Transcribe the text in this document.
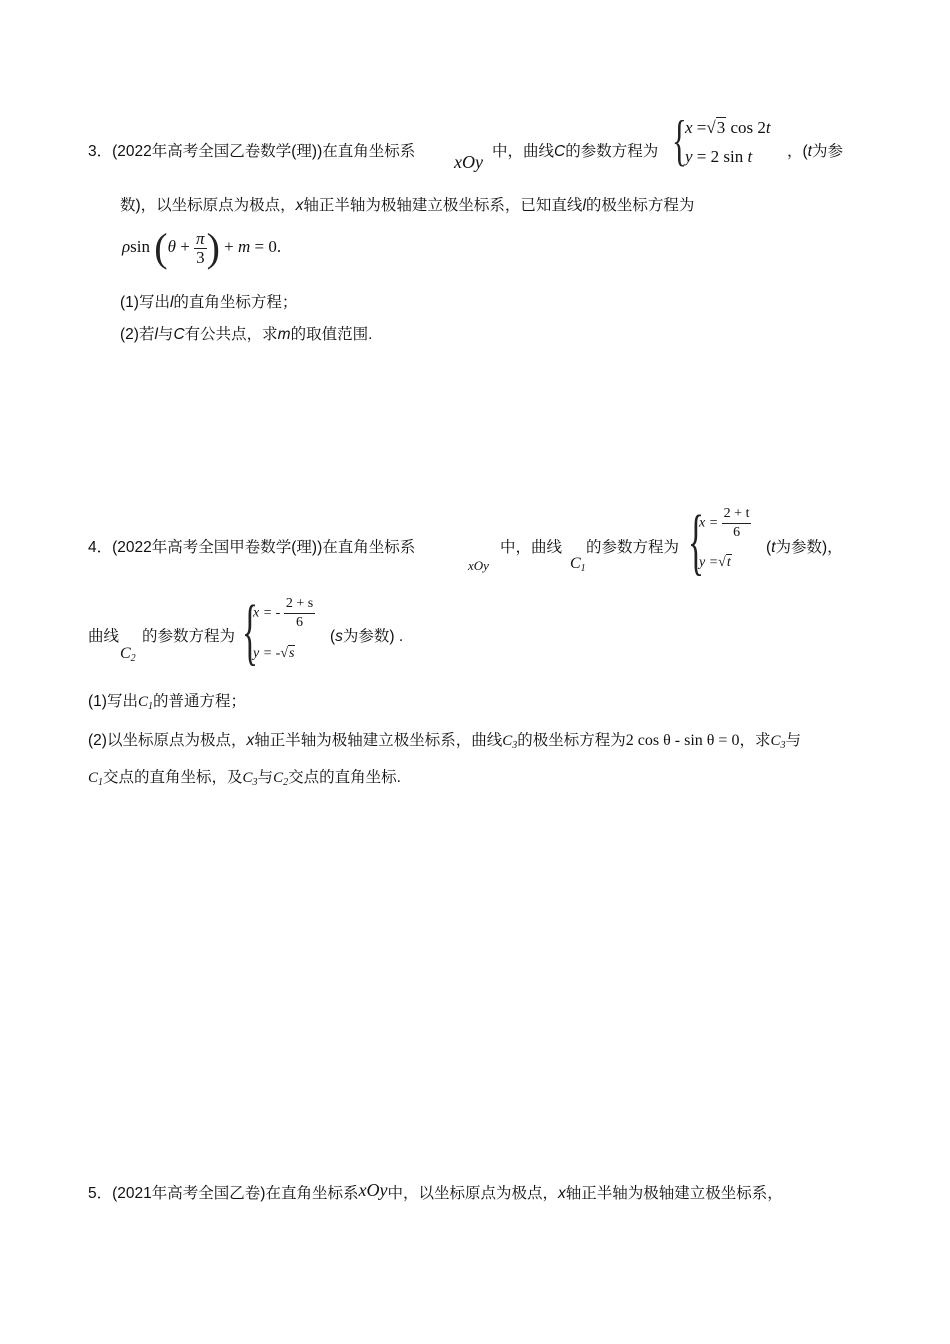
3．(2022年高考全国乙卷数学(理))在直角坐标系
xOy
中，曲线C的参数方程为 {
x =√3 cos 2t
y = 2 sin t ，(t为参
数)，以坐标原点为极点，x轴正半轴为极轴建立极坐标系，已知直线l的极坐标方程为
ρsin ($\theta + \frac{\pi}{3}$ ) + m = 0.
(1)写出l的直角坐标方程；
(2)若l与C有公共点，求m的取值范围.
4．(2022年高考全国甲卷数学(理))在直角坐标系
xOy
中，曲线
$C_1$
的参数方程为 {
$x = \frac{2 + t}{6}$
y =√t
(t为参数)，
曲线
$C_2$
的参数方程为 {
x = - $\frac{2 + s}{6}$
y = -√s
(s为参数) .
(1)写出$C_1$的普通方程；
(2)以坐标原点为极点，x轴正半轴为极轴建立极坐标系，曲线$C_3$的极坐标方程为2 cos θ - sin θ = 0，求$C_3$与
$C_1$交点的直角坐标，及$C_3$与$C_2$交点的直角坐标.
5．(2021年高考全国乙卷)在直角坐标系xOy中，以坐标原点为极点，x轴正半轴为极轴建立极坐标系，
